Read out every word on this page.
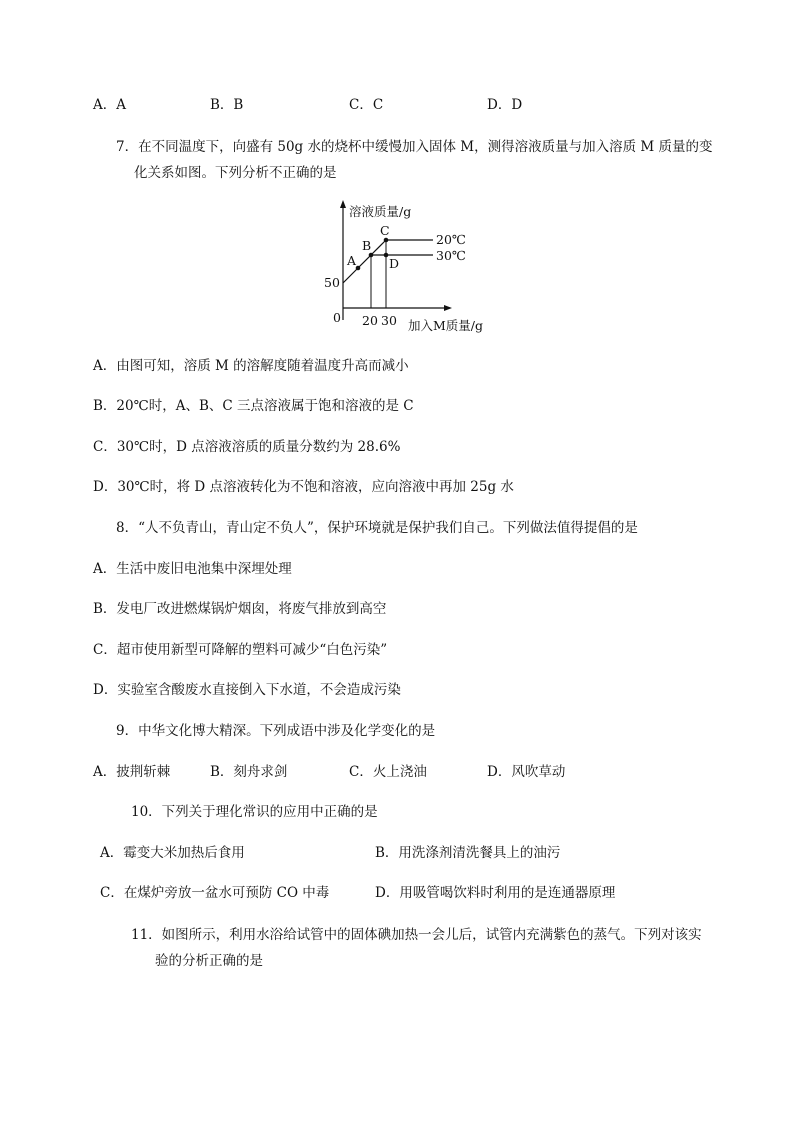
A．A	B．B	C．C	D．D
7．在不同温度下，向盛有 50g 水的烧杯中缓慢加入固体 M，测得溶液质量与加入溶质 M 质量的变
化关系如图。下列分析不正确的是
溶液质量/g
加入M质量/g
0
50
20 30
A
B
C
D
20℃
30℃
A．由图可知，溶质 M 的溶解度随着温度升高而减小
B．20℃时，A、B、C 三点溶液属于饱和溶液的是 C
C．30℃时，D 点溶液溶质的质量分数约为 28.6%
D．30℃时，将 D 点溶液转化为不饱和溶液，应向溶液中再加 25g 水
8．“人不负青山，青山定不负人”，保护环境就是保护我们自己。下列做法值得提倡的是
A．生活中废旧电池集中深埋处理
B．发电厂改进燃煤锅炉烟囱，将废气排放到高空
C．超市使用新型可降解的塑料可减少“白色污染”
D．实验室含酸废水直接倒入下水道，不会造成污染
9．中华文化博大精深。下列成语中涉及化学变化的是
A．披荆斩棘	B．刻舟求剑	C．火上浇油	D．风吹草动
10．下列关于理化常识的应用中正确的是
A．霉变大米加热后食用	B．用洗涤剂清洗餐具上的油污
C．在煤炉旁放一盆水可预防 CO 中毒	D．用吸管喝饮料时利用的是连通器原理
11．如图所示，利用水浴给试管中的固体碘加热一会儿后，试管内充满紫色的蒸气。下列对该实
验的分析正确的是
